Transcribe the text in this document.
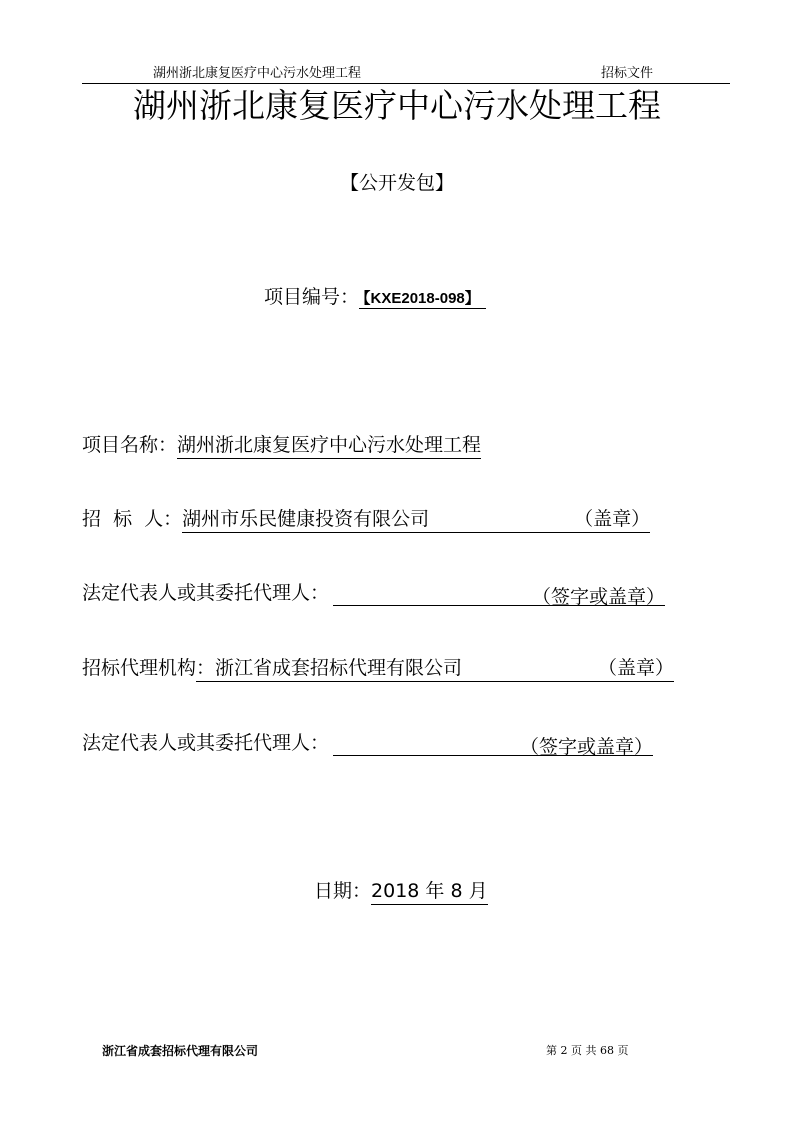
湖州浙北康复医疗中心污水处理工程	招标文件
湖州浙北康复医疗中心污水处理工程
【公开发包】
项目编号： 【KXE2018-098】
项目名称：湖州浙北康复医疗中心污水处理工程
招  标  人：湖州市乐民健康投资有限公司	（盖章）

法定代表人或其委托代理人：	（签字或盖章）
招标代理机构：浙江省成套招标代理有限公司	（盖章）

法定代表人或其委托代理人：	（签字或盖章）
日期：2018 年 8 月
浙江省成套招标代理有限公司	第 2 页 共 68 页
